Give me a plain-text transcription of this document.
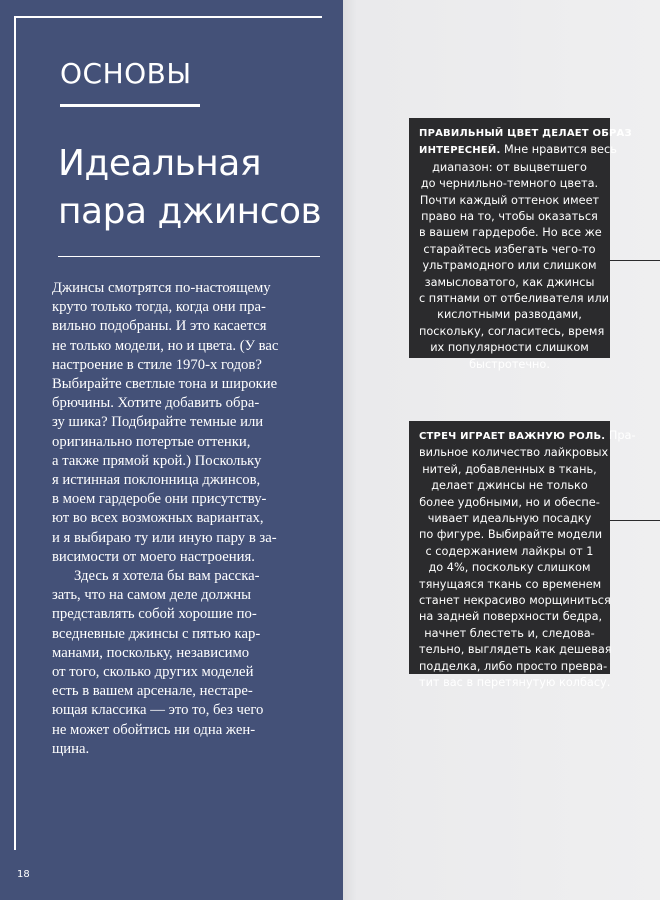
ОСНОВЫ
Идеальная пара джинсов

Джинсы смотрятся по-настоящему

круто только тогда, когда они пра-

вильно подобраны. И это касается

не только модели, но и цвета. (У вас

настроение в стиле 1970-х годов?

Выбирайте светлые тона и широкие

брючины. Хотите добавить обра-

зу шика? Подбирайте темные или

оригинально потертые оттенки,

а также прямой крой.) Поскольку

я истинная поклонница джинсов,

в моем гардеробе они присутству-

ют во всех возможных вариантах,

и я выбираю ту или иную пару в за-

висимости от моего настроения.

Здесь я хотела бы вам расска-

зать, что на самом деле должны

представлять собой хорошие по-

вседневные джинсы с пятью кар-

манами, поскольку, независимо

от того, сколько других моделей

есть в вашем арсенале, нестаре-

ющая классика — это то, без чего

не может обойтись ни одна жен-

щина.

18
ПРАВИЛЬНЫЙ ЦВЕТ ДЕЛАЕТ ОБРАЗ
ИНТЕРЕСНЕЙ. Мне нравится весь
диапазон: от выцветшего
до чернильно-темного цвета.
Почти каждый оттенок имеет
право на то, чтобы оказаться
в вашем гардеробе. Но все же
старайтесь избегать чего-то
ультрамодного или слишком
замысловатого, как джинсы
с пятнами от отбеливателя или
кислотными разводами,
поскольку, согласитесь, время
их популярности слишком
быстротечно.
СТРЕЧ ИГРАЕТ ВАЖНУЮ РОЛЬ. Пра-
вильное количество лайкровых
нитей, добавленных в ткань,
делает джинсы не только
более удобными, но и обеспе-
чивает идеальную посадку
по фигуре. Выбирайте модели
с содержанием лайкры от 1
до 4%, поскольку слишком
тянущаяся ткань со временем
станет некрасиво морщиниться
на задней поверхности бедра,
начнет блестеть и, следова-
тельно, выглядеть как дешевая
подделка, либо просто превра-
тит вас в перетянутую колбасу.
